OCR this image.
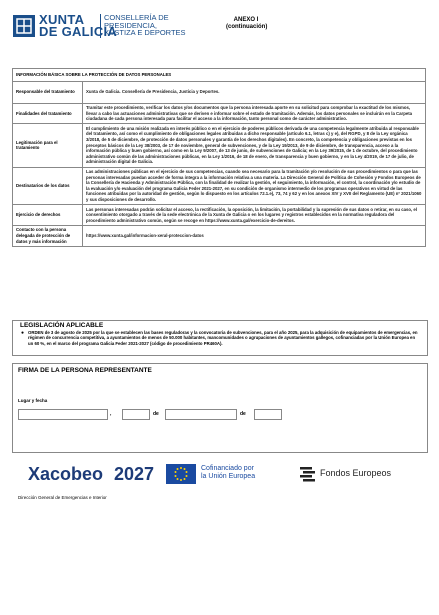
XUNTA
DE GALICIA
CONSELLERÍA DE
PRESIDENCIA,
XUSTIZA E DEPORTES
ANEXO I
(continuación)
INFORMACIÓN BÁSICA SOBRE LA PROTECCIÓN DE DATOS PERSONALES	
Responsable del tratamiento	Xunta de Galicia. Consellería de Presidencia, Justicia y Deportes.
Finalidades del tratamiento	Tramitar este procedimiento, verificar los datos y/os documentos que la persona interesada aporte en su solicitud para comprobar la exactitud de los mismos, llevar a cabo las actuaciones administrativas que se deriven e informar sobre el estado de tramitación. Además, los datos personales se incluirán en la Carpeta ciudadana de cada persona interesada para facilitar el acceso a la información, tanto personal como de carácter administrativo.
Legitimación para el tratamiento	El cumplimiento de una misión realizada en interés público o en el ejercicio de poderes públicos derivada de una competencia legalmente atribuida al responsable del tratamiento, así como el cumplimiento de obligaciones legales atribuidas a dicho responsable (artículo 6.1, letras c) y e), del RGPD, y 8 de la Ley orgánica 3/2018, de 5 de diciembre, de protección de datos personales y garantía de los derechos digitales). En concreto, la competencia y obligaciones previstas en los preceptos básicos de la Ley 38/2003, de 17 de noviembre, general de subvenciones, y de la Ley 19/2013, de 9 de diciembre, de transparencia, acceso a la información pública y buen gobierno, así como en la Ley 9/2007, de 13 de junio, de subvenciones de Galicia; en la Ley 39/2015, de 1 de octubre, del procedimiento administrativo común de las administraciones públicas, en la Ley 1/2016, de 18 de enero, de transparencia y buen gobierno, y en la Ley 4/2019, de 17 de julio, de administración digital de Galicia.
Destinatarios de los datos	Las administraciones públicas en el ejercicio de sus competencias, cuando sea necesario para la tramitación y/o resolución de sus procedimientos o para que las personas interesadas puedan acceder de forma íntegra a la información relativa a una materia. La Dirección General de Política de Cohesión y Fondos Europeos de la Consellería de Hacienda y Administración Pública, con la finalidad de realizar la gestión, el seguimiento, la información, el control, la coordinación y/o estudio de la evaluación y/o evaluación del programa Galicia Feder 2021-2027, en su condición de organismo intermedio de los programas operativos en virtud de las funciones atribuidas por la autoridad de gestión, según lo dispuesto en los artículos 72.1.e), 73, 74 y 62 y en los anexos XIV y XVII del Reglamento (UE) nº 2021/1060 y sus disposiciones de desarrollo.
Ejercicio de derechos	Las personas interesadas podrán solicitar el acceso, la rectificación, la oposición, la limitación, la portabilidad y la supresión de sus datos o retirar, en su caso, el consentimiento otorgado a través de la sede electrónica de la Xunta de Galicia o en los lugares y registros establecidos en la normativa reguladora del procedimiento administrativo común, según se recoge en https://www.xunta.gal/exercicio-de-dereitos.
Contacto con la persona delegada de protección de datos y más información	https://www.xunta.gal/informacion-xeral-proteccion-datos
LEGISLACIÓN APLICABLE
● ORDEN de 3 de agosto de 2025 por la que se establecen las bases reguladoras y la convocatoria de subvenciones, para el año 2025, para la adquisición de equipamientos de emergencias, en régimen de concurrencia competitiva, a ayuntamientos de menos de 50.000 habitantes, mancomunidades o agrupaciones de ayuntamientos gallegos, cofinanciadas por la Unión Europea en un 60 %, en el marco del programa Galicia Feder 2021-2027 (código de procedimiento PR460A).
FIRMA DE LA PERSONA REPRESENTANTE
Lugar y fecha
,	de	de
Xacobeo 2027	Cofinanciado por
la Unión Europea	Fondos Europeos
Dirección General de Emergencias e Interior
